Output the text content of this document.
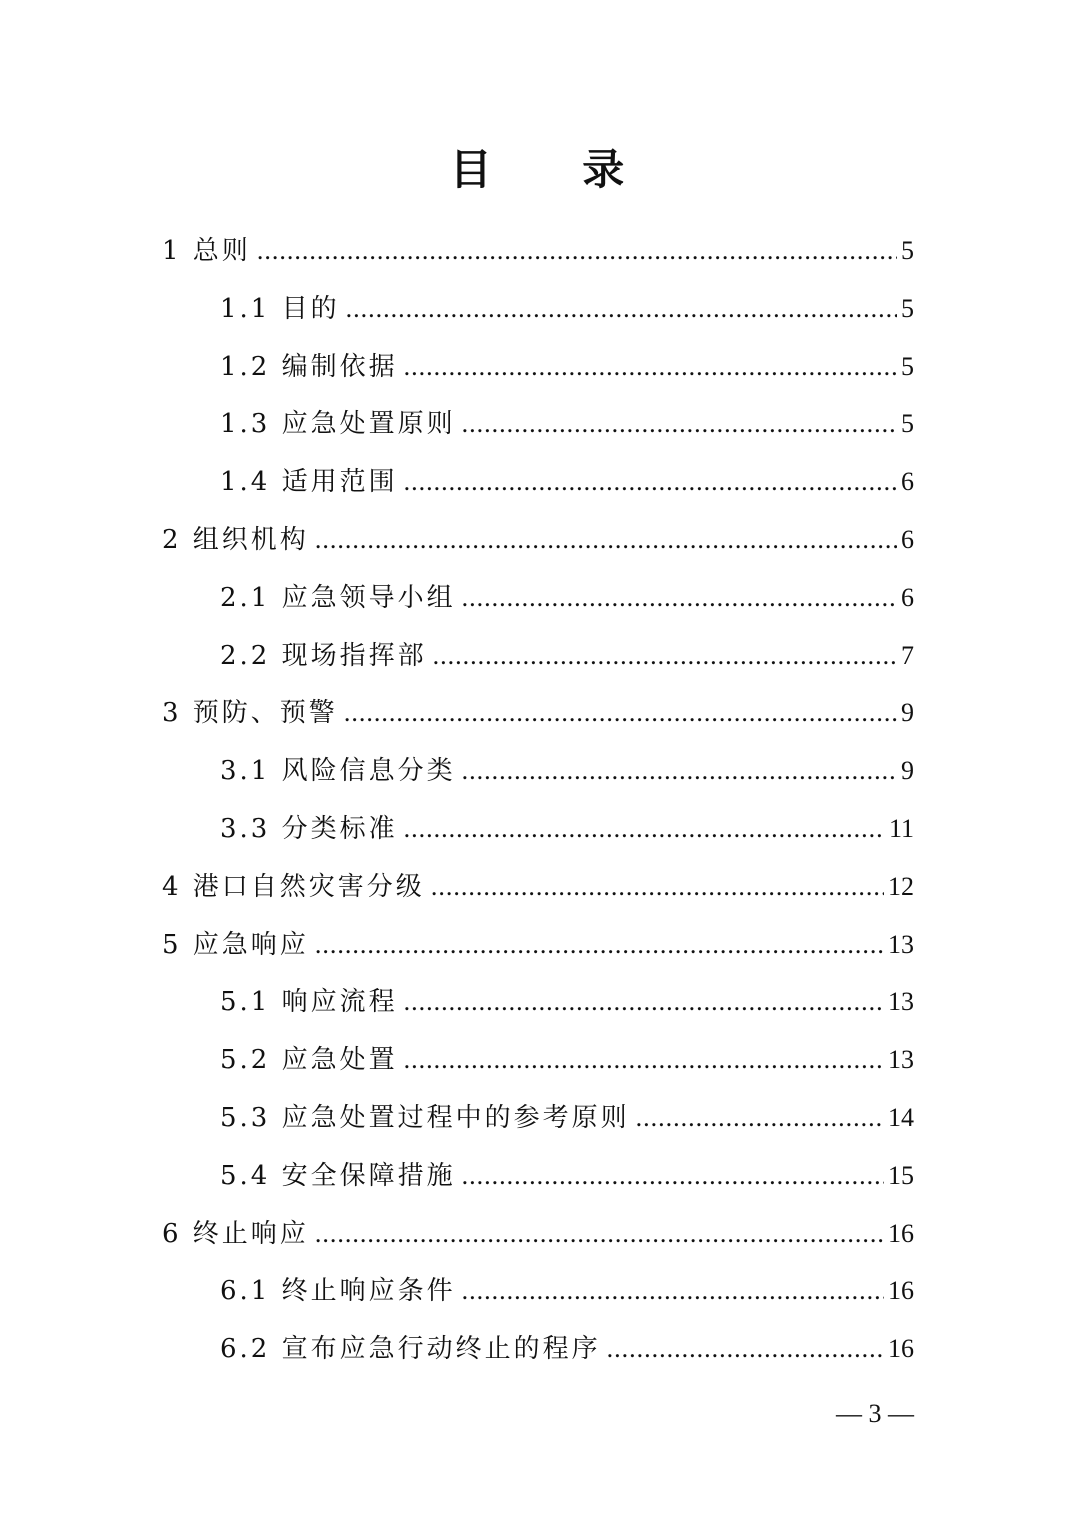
目 录
1 总则 .....	5
1.1 目的 .....	5
1.2 编制依据 .....	5
1.3 应急处置原则 .....	5
1.4 适用范围 .....	6
2 组织机构 .....	6
2.1 应急领导小组 .....	6
2.2 现场指挥部 .....	7
3 预防、预警 .....	9
3.1 风险信息分类 .....	9
3.3 分类标准 .....	11
4 港口自然灾害分级 .....	12
5 应急响应 .....	13
5.1 响应流程 .....	13
5.2 应急处置 .....	13
5.3 应急处置过程中的参考原则 .....	14
5.4 安全保障措施 .....	15
6 终止响应 .....	16
6.1 终止响应条件 .....	16
6.2 宣布应急行动终止的程序 .....	16
— 3 —
